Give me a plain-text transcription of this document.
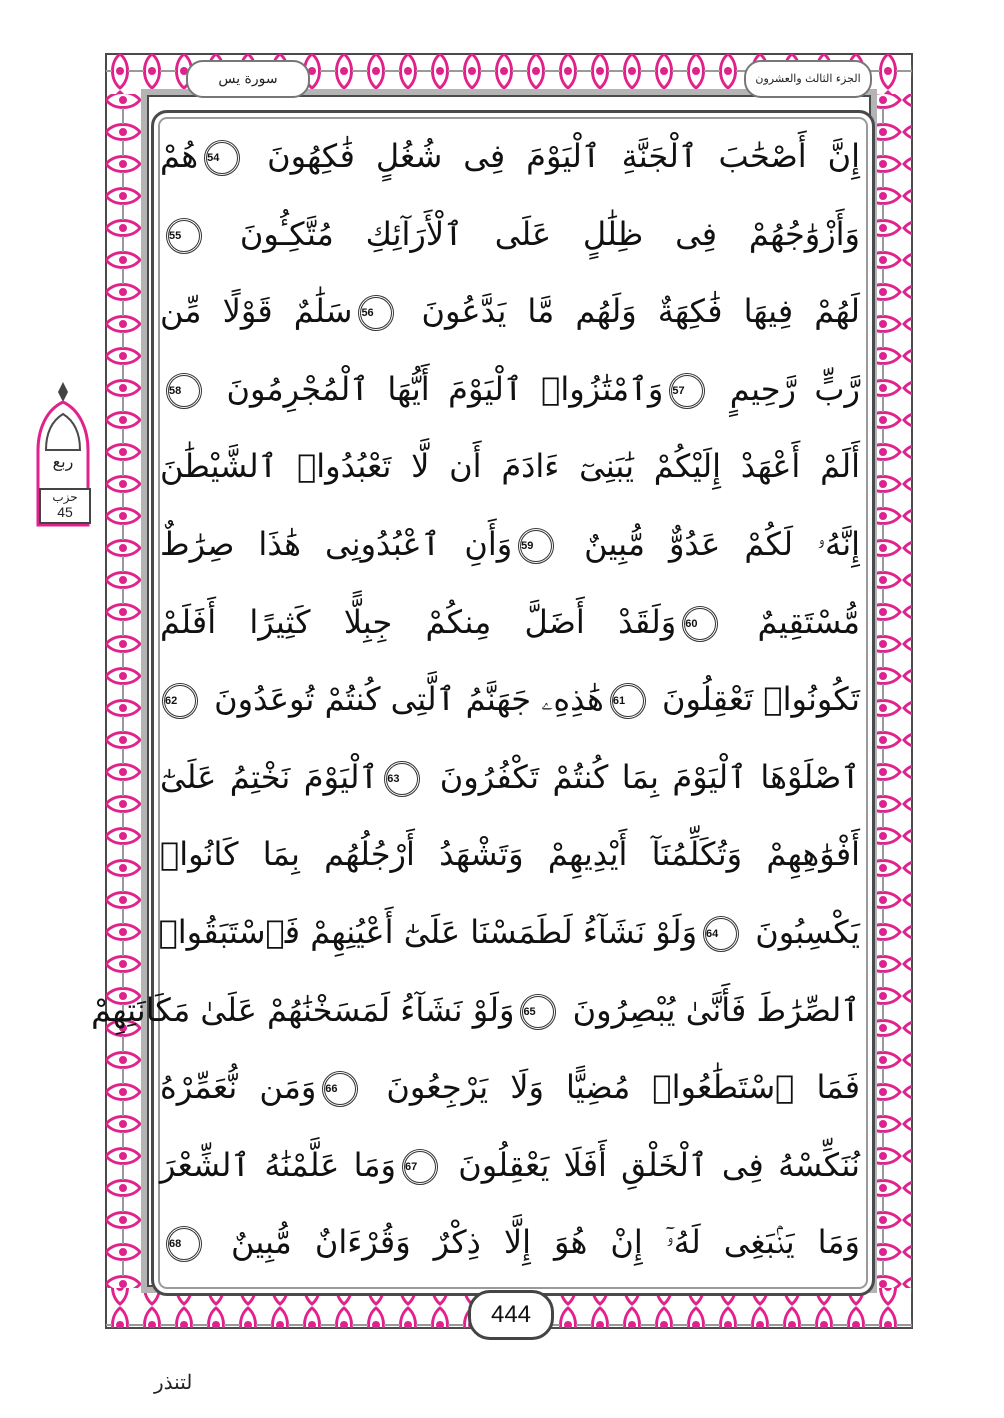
الجزء الثالث والعشرون
سورة يس
إِنَّ أَصْحَٰبَ ٱلْجَنَّةِ ٱلْيَوْمَ فِى شُغُلٍ فَٰكِهُونَ 54هُمْ
وَأَزْوَٰجُهُمْ فِى ظِلَٰلٍ عَلَى ٱلْأَرَآئِكِ مُتَّكِـُٔونَ 55
لَهُمْ فِيهَا فَٰكِهَةٌ وَلَهُم مَّا يَدَّعُونَ 56سَلَٰمٌ قَوْلًا مِّن
رَّبٍّ رَّحِيمٍ 57وَٱمْتَٰزُوا۟ ٱلْيَوْمَ أَيُّهَا ٱلْمُجْرِمُونَ 58
أَلَمْ أَعْهَدْ إِلَيْكُمْ يَٰبَنِىٓ ءَادَمَ أَن لَّا تَعْبُدُوا۟ ٱلشَّيْطَٰنَ
إِنَّهُۥ لَكُمْ عَدُوٌّ مُّبِينٌ 59وَأَنِ ٱعْبُدُونِى هَٰذَا صِرَٰطٌ
مُّسْتَقِيمٌ 60وَلَقَدْ أَضَلَّ مِنكُمْ جِبِلًّا كَثِيرًا أَفَلَمْ
تَكُونُوا۟ تَعْقِلُونَ 61هَٰذِهِۦ جَهَنَّمُ ٱلَّتِى كُنتُمْ تُوعَدُونَ 62
ٱصْلَوْهَا ٱلْيَوْمَ بِمَا كُنتُمْ تَكْفُرُونَ 63ٱلْيَوْمَ نَخْتِمُ عَلَىٰٓ
أَفْوَٰهِهِمْ وَتُكَلِّمُنَآ أَيْدِيهِمْ وَتَشْهَدُ أَرْجُلُهُم بِمَا كَانُوا۟
يَكْسِبُونَ 64وَلَوْ نَشَآءُ لَطَمَسْنَا عَلَىٰٓ أَعْيُنِهِمْ فَٱسْتَبَقُوا۟
ٱلصِّرَٰطَ فَأَنَّىٰ يُبْصِرُونَ 65وَلَوْ نَشَآءُ لَمَسَخْنَٰهُمْ عَلَىٰ مَكَانَتِهِمْ
فَمَا ٱسْتَطَٰعُوا۟ مُضِيًّا وَلَا يَرْجِعُونَ 66وَمَن نُّعَمِّرْهُ
نُنَكِّسْهُ فِى ٱلْخَلْقِ أَفَلَا يَعْقِلُونَ 67وَمَا عَلَّمْنَٰهُ ٱلشِّعْرَ
وَمَا يَنۢبَغِى لَهُۥٓ إِنْ هُوَ إِلَّا ذِكْرٌ وَقُرْءَانٌ مُّبِينٌ 68
ربع
حزب
45
444
لتنذر
